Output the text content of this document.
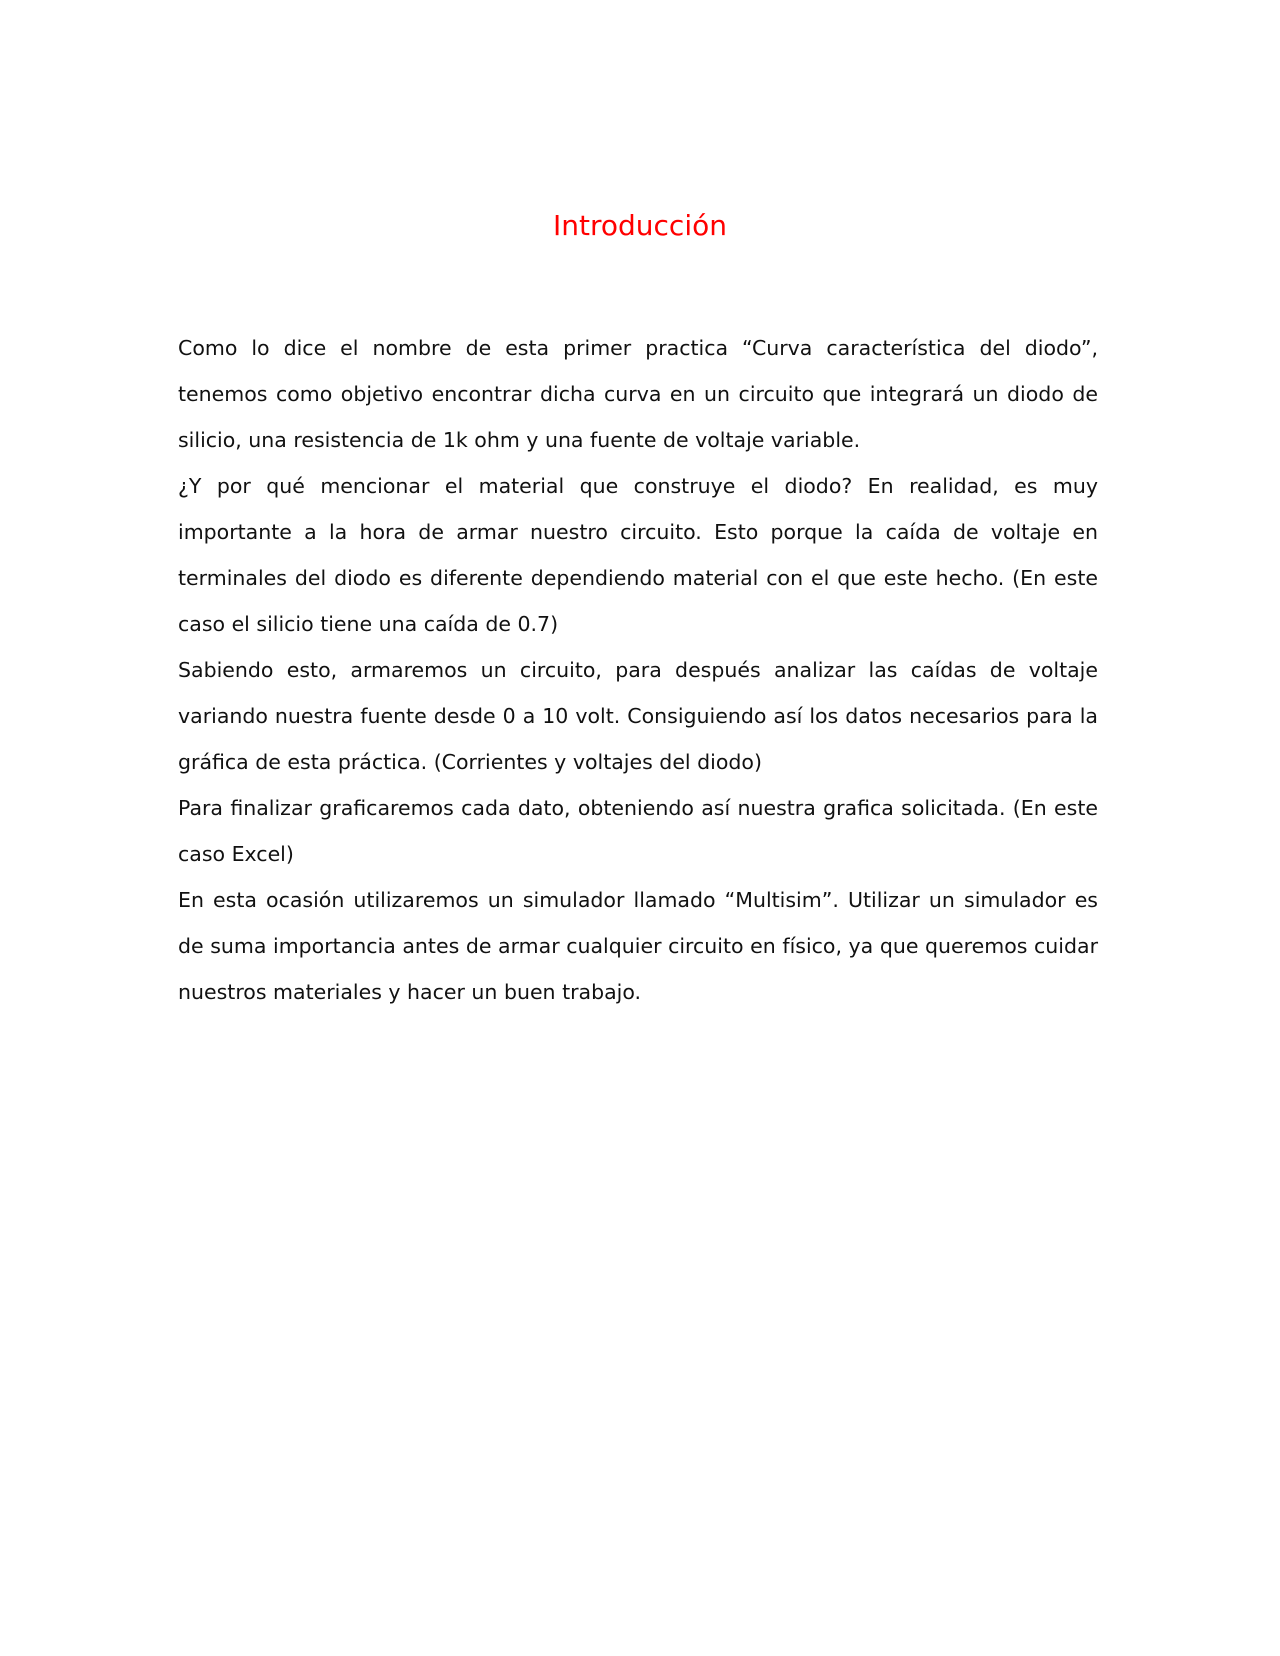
Introducción

Como lo dice el nombre de esta primer practica “Curva característica del diodo”, tenemos como objetivo encontrar dicha curva en un circuito que integrará un diodo de silicio, una resistencia de 1k ohm y una fuente de voltaje variable.

¿Y por qué mencionar el material que construye el diodo? En realidad, es muy importante a la hora de armar nuestro circuito. Esto porque la caída de voltaje en terminales del diodo es diferente dependiendo material con el que este hecho. (En este caso el silicio tiene una caída de 0.7)

Sabiendo esto, armaremos un circuito, para después analizar las caídas de voltaje variando nuestra fuente desde 0 a 10 volt. Consiguiendo así los datos necesarios para la gráfica de esta práctica. (Corrientes y voltajes del diodo)

Para finalizar graficaremos cada dato, obteniendo así nuestra grafica solicitada. (En este caso Excel)

En esta ocasión utilizaremos un simulador llamado “Multisim”. Utilizar un simulador es de suma importancia antes de armar cualquier circuito en físico, ya que queremos cuidar nuestros materiales y hacer un buen trabajo.
